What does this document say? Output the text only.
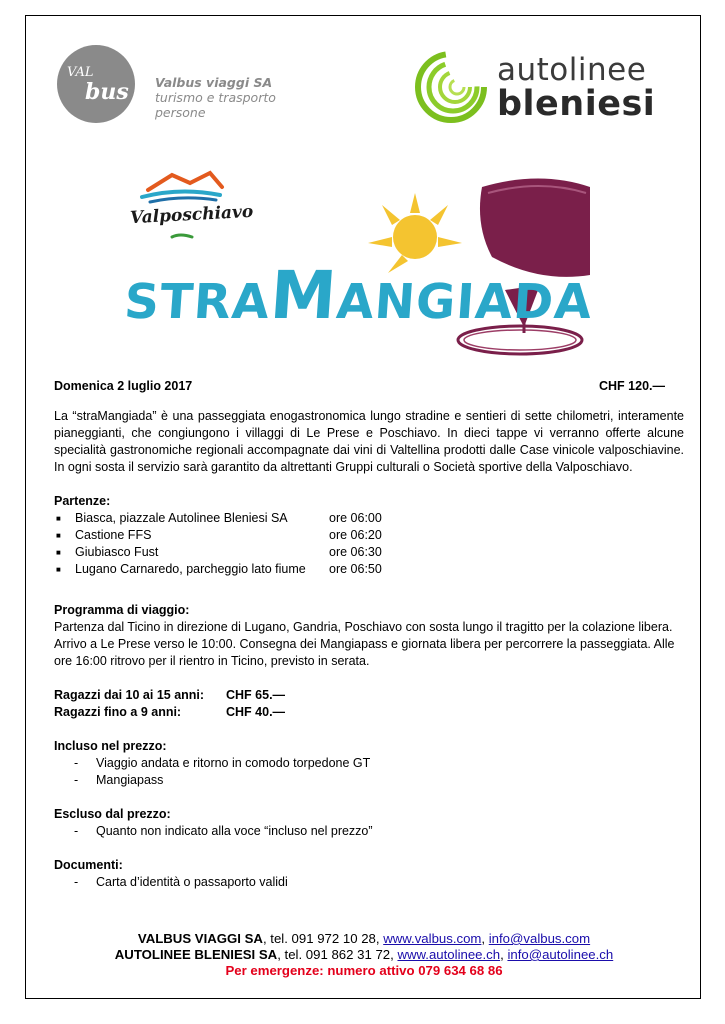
VAL
bus Valbus viaggi SA
turismo e trasporto persone
autolinee
bleniesi
Valposchiavo
STRAMANGIADA
Domenica 2 luglio 2017	CHF 120.—

La “straMangiada” è una passeggiata enogastronomica lungo stradine e sentieri di sette chilometri, interamente pianeggianti, che congiungono i villaggi di Le Prese e Poschiavo. In dieci tappe vi verranno offerte alcune specialità gastronomiche regionali accompagnate dai vini di Valtellina prodotti dalle Case vinicole valposchiavine. In ogni sosta il servizio sarà garantito da altrettanti Gruppi culturali o Società sportive della Valposchiavo.

Partenze:
■	Biasca, piazzale Autolinee Bleniesi SA	ore 06:00
■	Castione FFS	ore 06:20
■	Giubiasco Fust	ore 06:30
■	Lugano Carnaredo, parcheggio lato fiume	ore 06:50
Programma di viaggio:

Partenza dal Ticino in direzione di Lugano, Gandria, Poschiavo con sosta lungo il tragitto per la colazione libera.

Arrivo a Le Prese verso le 10:00. Consegna dei Mangiapass e giornata libera per percorrere la passeggiata. Alle ore 16:00 ritrovo per il rientro in Ticino, previsto in serata.

Ragazzi dai 10 ai 15 anni:	CHF 65.—
Ragazzi fino a 9 anni:	CHF 40.—
Incluso nel prezzo:
-	Viaggio andata e ritorno in comodo torpedone GT
-	Mangiapass
Escluso dal prezzo:
-	Quanto non indicato alla voce “incluso nel prezzo”
Documenti:
-	Carta d’identità o passaporto validi
VALBUS VIAGGI SA, tel. 091 972 10 28, www.valbus.com, info@valbus.com
AUTOLINEE BLENIESI SA, tel. 091 862 31 72, www.autolinee.ch, info@autolinee.ch
Per emergenze: numero attivo 079 634 68 86
